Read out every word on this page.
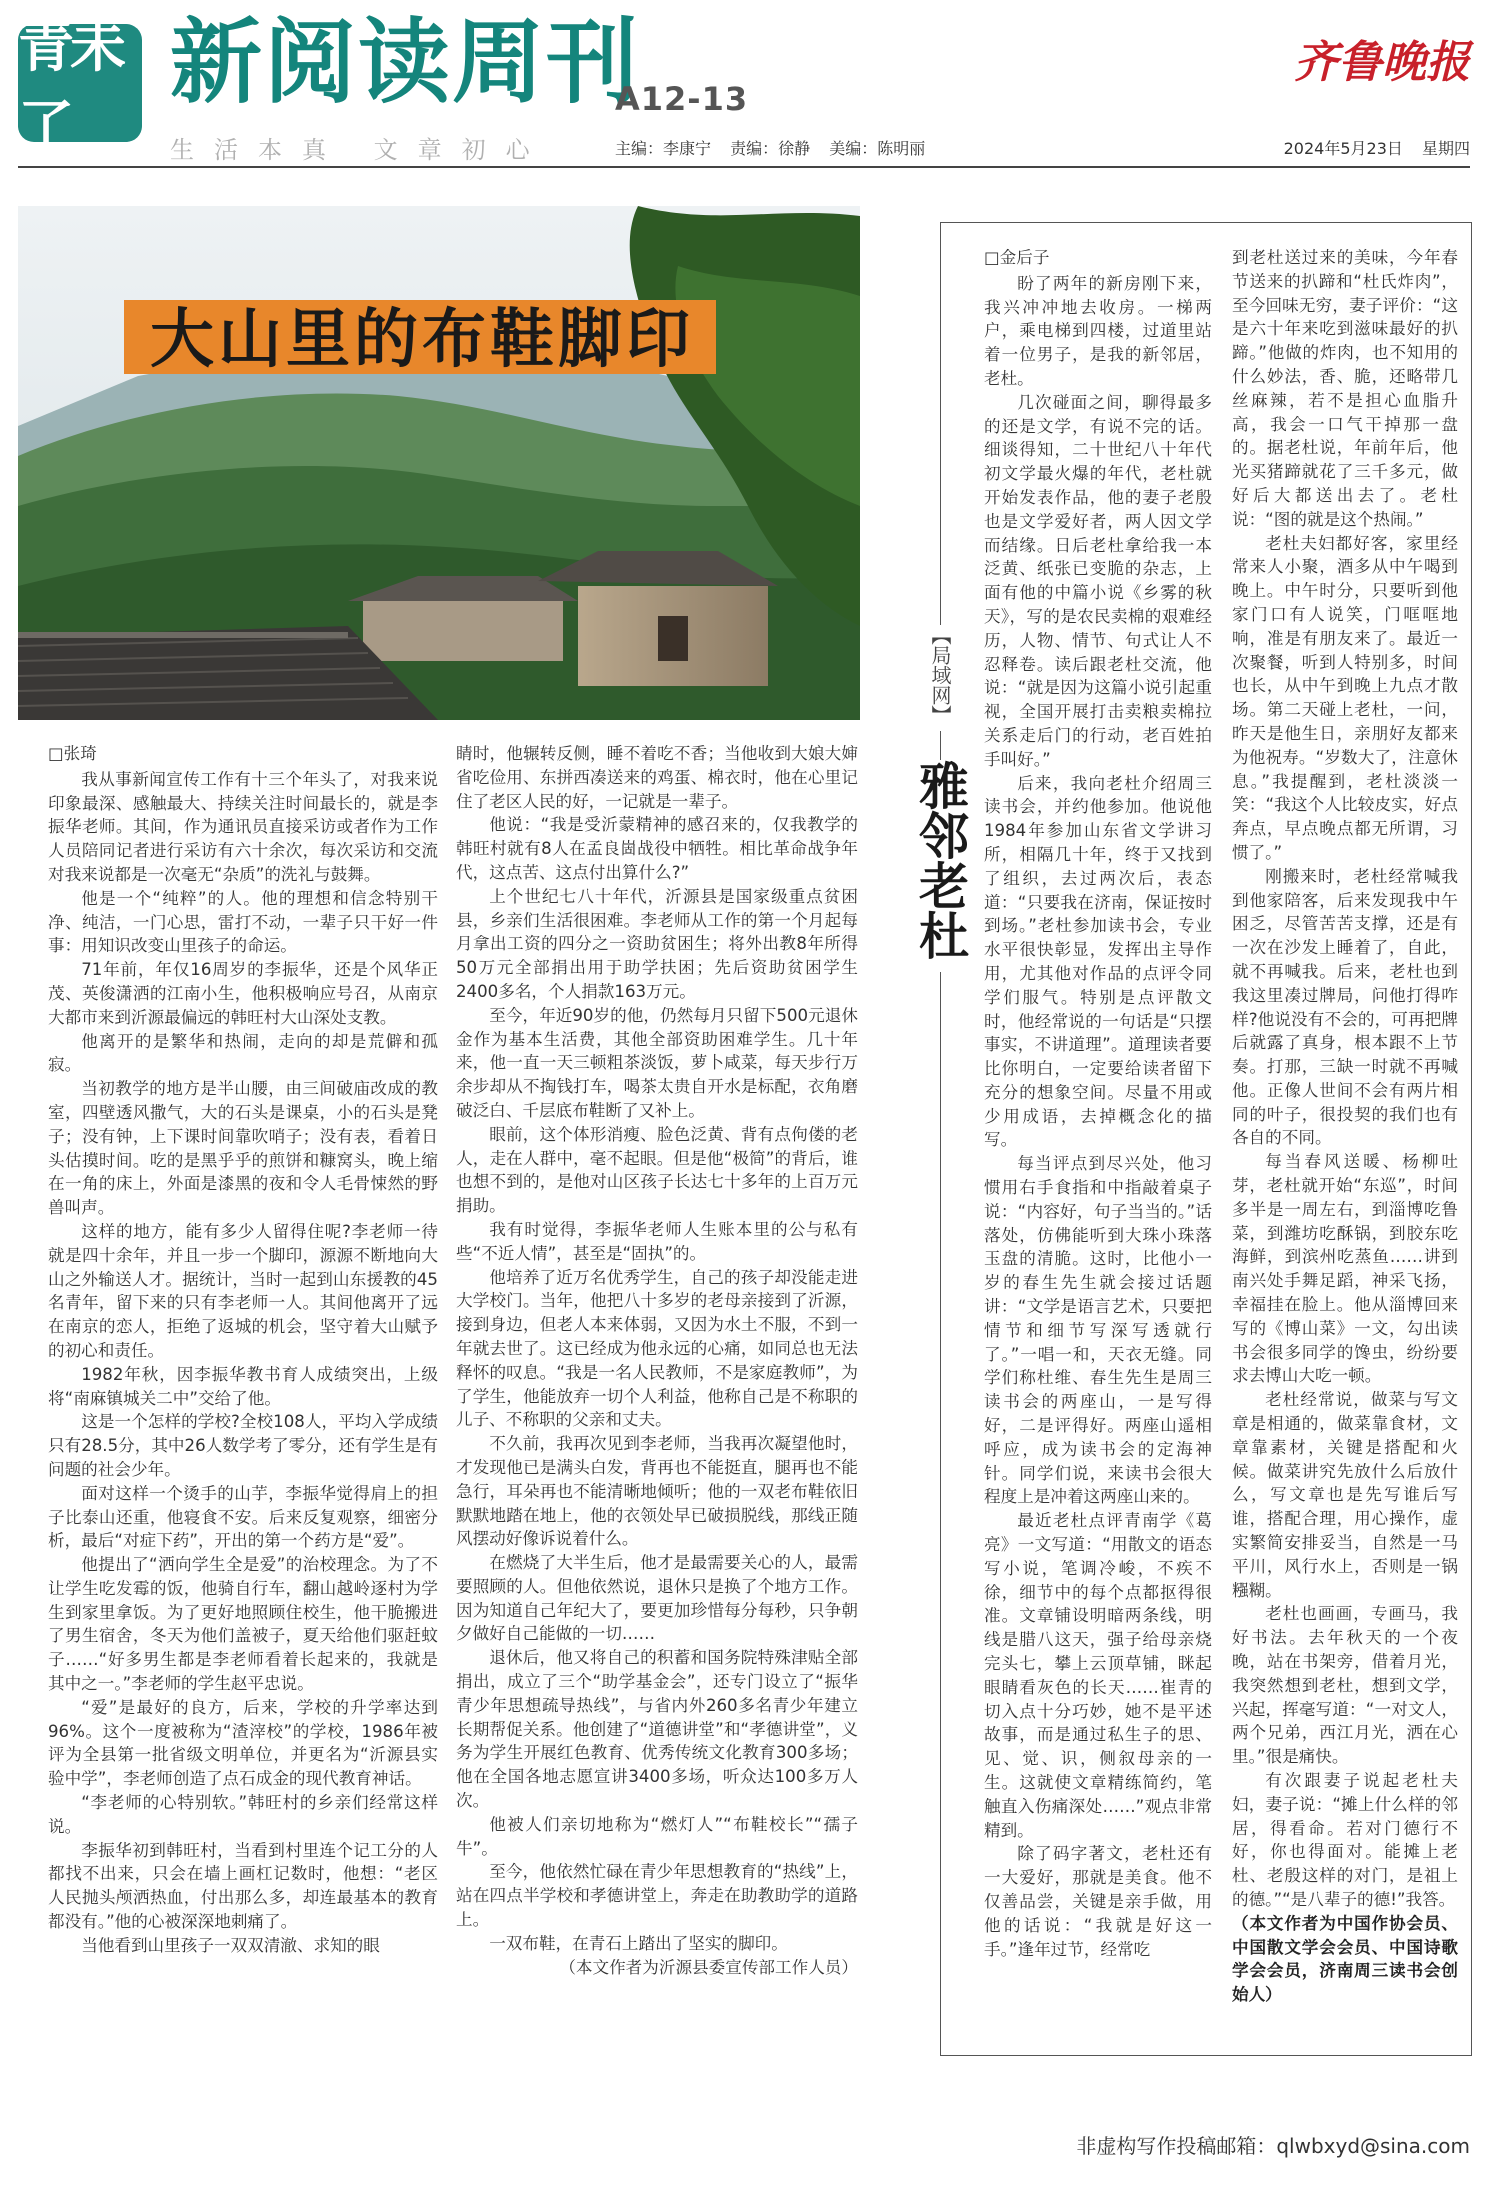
青未了
新阅读周刊
A12-13
齐鲁晚报
生活本真 文章初心	主编：李康宁 责编：徐静 美编：陈明丽	2024年5月23日 星期四
大山里的布鞋脚印

□张琦

我从事新闻宣传工作有十三个年头了，对我来说印象最深、感触最大、持续关注时间最长的，就是李振华老师。其间，作为通讯员直接采访或者作为工作人员陪同记者进行采访有六十余次，每次采访和交流对我来说都是一次毫无“杂质”的洗礼与鼓舞。

他是一个“纯粹”的人。他的理想和信念特别干净、纯洁，一门心思，雷打不动，一辈子只干好一件事：用知识改变山里孩子的命运。

71年前，年仅16周岁的李振华，还是个风华正茂、英俊潇洒的江南小生，他积极响应号召，从南京大都市来到沂源最偏远的韩旺村大山深处支教。

他离开的是繁华和热闹，走向的却是荒僻和孤寂。

当初教学的地方是半山腰，由三间破庙改成的教室，四壁透风撒气，大的石头是课桌，小的石头是凳子；没有钟，上下课时间靠吹哨子；没有表，看着日头估摸时间。吃的是黑乎乎的煎饼和糠窝头，晚上缩在一角的床上，外面是漆黑的夜和令人毛骨悚然的野兽叫声。

这样的地方，能有多少人留得住呢?李老师一待就是四十余年，并且一步一个脚印，源源不断地向大山之外输送人才。据统计，当时一起到山东援教的45名青年，留下来的只有李老师一人。其间他离开了远在南京的恋人，拒绝了返城的机会，坚守着大山赋予的初心和责任。

1982年秋，因李振华教书育人成绩突出，上级将“南麻镇城关二中”交给了他。

这是一个怎样的学校?全校108人，平均入学成绩只有28.5分，其中26人数学考了零分，还有学生是有问题的社会少年。

面对这样一个烫手的山芋，李振华觉得肩上的担子比泰山还重，他寝食不安。后来反复观察，细密分析，最后“对症下药”，开出的第一个药方是“爱”。

他提出了“洒向学生全是爱”的治校理念。为了不让学生吃发霉的饭，他骑自行车，翻山越岭逐村为学生到家里拿饭。为了更好地照顾住校生，他干脆搬进了男生宿舍，冬天为他们盖被子，夏天给他们驱赶蚊子……“好多男生都是李老师看着长起来的，我就是其中之一。”李老师的学生赵平忠说。

“爱”是最好的良方，后来，学校的升学率达到96%。这个一度被称为“渣滓校”的学校，1986年被评为全县第一批省级文明单位，并更名为“沂源县实验中学”，李老师创造了点石成金的现代教育神话。

“李老师的心特别软。”韩旺村的乡亲们经常这样说。

李振华初到韩旺村，当看到村里连个记工分的人都找不出来，只会在墙上画杠记数时，他想：“老区人民抛头颅洒热血，付出那么多，却连最基本的教育都没有。”他的心被深深地刺痛了。

当他看到山里孩子一双双清澈、求知的眼

睛时，他辗转反侧，睡不着吃不香；当他收到大娘大婶省吃俭用、东拼西凑送来的鸡蛋、棉衣时，他在心里记住了老区人民的好，一记就是一辈子。

他说：“我是受沂蒙精神的感召来的，仅我教学的韩旺村就有8人在孟良崮战役中牺牲。相比革命战争年代，这点苦、这点付出算什么?”

上个世纪七八十年代，沂源县是国家级重点贫困县，乡亲们生活很困难。李老师从工作的第一个月起每月拿出工资的四分之一资助贫困生；将外出教8年所得50万元全部捐出用于助学扶困；先后资助贫困学生2400多名，个人捐款163万元。

至今，年近90岁的他，仍然每月只留下500元退休金作为基本生活费，其他全部资助困难学生。几十年来，他一直一天三顿粗茶淡饭，萝卜咸菜，每天步行万余步却从不掏钱打车，喝茶太贵自开水是标配，衣角磨破泛白、千层底布鞋断了又补上。

眼前，这个体形消瘦、脸色泛黄、背有点佝偻的老人，走在人群中，毫不起眼。但是他“极简”的背后，谁也想不到的，是他对山区孩子长达七十多年的上百万元捐助。

我有时觉得，李振华老师人生账本里的公与私有些“不近人情”，甚至是“固执”的。

他培养了近万名优秀学生，自己的孩子却没能走进大学校门。当年，他把八十多岁的老母亲接到了沂源，接到身边，但老人本来体弱，又因为水土不服，不到一年就去世了。这已经成为他永远的心痛，如同总也无法释怀的叹息。“我是一名人民教师，不是家庭教师”，为了学生，他能放弃一切个人利益，他称自己是不称职的儿子、不称职的父亲和丈夫。

不久前，我再次见到李老师，当我再次凝望他时，才发现他已是满头白发，背再也不能挺直，腿再也不能急行，耳朵再也不能清晰地倾听；他的一双老布鞋依旧默默地踏在地上，他的衣领处早已破损脱线，那线正随风摆动好像诉说着什么。

在燃烧了大半生后，他才是最需要关心的人，最需要照顾的人。但他依然说，退休只是换了个地方工作。因为知道自己年纪大了，要更加珍惜每分每秒，只争朝夕做好自己能做的一切……

退休后，他又将自己的积蓄和国务院特殊津贴全部捐出，成立了三个“助学基金会”，还专门设立了“振华青少年思想疏导热线”，与省内外260多名青少年建立长期帮促关系。他创建了“道德讲堂”和“孝德讲堂”，义务为学生开展红色教育、优秀传统文化教育300多场；他在全国各地志愿宣讲3400多场，听众达100多万人次。

他被人们亲切地称为“燃灯人”“布鞋校长”“孺子牛”。

至今，他依然忙碌在青少年思想教育的“热线”上，站在四点半学校和孝德讲堂上，奔走在助教助学的道路上。

一双布鞋，在青石上踏出了坚实的脚印。

（本文作者为沂源县委宣传部工作人员）

【局域网】
雅邻老杜

□金后子

盼了两年的新房刚下来，我兴冲冲地去收房。一梯两户，乘电梯到四楼，过道里站着一位男子，是我的新邻居，老杜。

几次碰面之间，聊得最多的还是文学，有说不完的话。细谈得知，二十世纪八十年代初文学最火爆的年代，老杜就开始发表作品，他的妻子老殷也是文学爱好者，两人因文学而结缘。日后老杜拿给我一本泛黄、纸张已变脆的杂志，上面有他的中篇小说《乡雾的秋天》，写的是农民卖棉的艰难经历，人物、情节、句式让人不忍释卷。读后跟老杜交流，他说：“就是因为这篇小说引起重视，全国开展打击卖粮卖棉拉关系走后门的行动，老百姓拍手叫好。”

后来，我向老杜介绍周三读书会，并约他参加。他说他1984年参加山东省文学讲习所，相隔几十年，终于又找到了组织，去过两次后，表态道：“只要我在济南，保证按时到场。”老杜参加读书会，专业水平很快彰显，发挥出主导作用，尤其他对作品的点评令同学们服气。特别是点评散文时，他经常说的一句话是“只摆事实，不讲道理”。道理读者要比你明白，一定要给读者留下充分的想象空间。尽量不用或少用成语，去掉概念化的描写。

每当评点到尽兴处，他习惯用右手食指和中指敲着桌子说：“内容好，句子当当的。”话落处，仿佛能听到大珠小珠落玉盘的清脆。这时，比他小一岁的春生先生就会接过话题讲：“文学是语言艺术，只要把情节和细节写深写透就行了。”一唱一和，天衣无缝。同学们称杜维、春生先生是周三读书会的两座山，一是写得好，二是评得好。两座山遥相呼应，成为读书会的定海神针。同学们说，来读书会很大程度上是冲着这两座山来的。

最近老杜点评青南学《葛亮》一文写道：“用散文的语态写小说，笔调冷峻，不疾不徐，细节中的每个点都抠得很准。文章铺设明暗两条线，明线是腊八这天，强子给母亲烧完头七，攀上云顶草铺，眯起眼睛看灰色的长天……崔青的切入点十分巧妙，她不是平述故事，而是通过私生子的思、见、觉、识，侧叙母亲的一生。这就使文章精练简约，笔触直入伤痛深处……”观点非常精到。

除了码字著文，老杜还有一大爱好，那就是美食。他不仅善品尝，关键是亲手做，用他的话说：“我就是好这一手。”逢年过节，经常吃

到老杜送过来的美味，今年春节送来的扒蹄和“杜氏炸肉”，至今回味无穷，妻子评价：“这是六十年来吃到滋味最好的扒蹄。”他做的炸肉，也不知用的什么妙法，香、脆，还略带几丝麻辣，若不是担心血脂升高，我会一口气干掉那一盘的。据老杜说，年前年后，他光买猪蹄就花了三千多元，做好后大都送出去了。老杜说：“图的就是这个热闹。”

老杜夫妇都好客，家里经常来人小聚，酒多从中午喝到晚上。中午时分，只要听到他家门口有人说笑，门哐哐地响，准是有朋友来了。最近一次聚餐，听到人特别多，时间也长，从中午到晚上九点才散场。第二天碰上老杜，一问，昨天是他生日，亲朋好友都来为他祝寿。“岁数大了，注意休息。”我提醒到，老杜淡淡一笑：“我这个人比较皮实，好点奔点，早点晚点都无所谓，习惯了。”

刚搬来时，老杜经常喊我到他家陪客，后来发现我中午困乏，尽管苦苦支撑，还是有一次在沙发上睡着了，自此，就不再喊我。后来，老杜也到我这里凑过牌局，问他打得咋样?他说没有不会的，可再把牌后就露了真身，根本跟不上节奏。打那，三缺一时就不再喊他。正像人世间不会有两片相同的叶子，很投契的我们也有各自的不同。

每当春风送暖、杨柳吐芽，老杜就开始“东巡”，时间多半是一周左右，到淄博吃鲁菜，到潍坊吃酥锅，到胶东吃海鲜，到滨州吃蒸鱼……讲到南兴处手舞足蹈，神采飞扬，幸福挂在脸上。他从淄博回来写的《博山菜》一文，勾出读书会很多同学的馋虫，纷纷要求去博山大吃一顿。

老杜经常说，做菜与写文章是相通的，做菜靠食材，文章靠素材，关键是搭配和火候。做菜讲究先放什么后放什么，写文章也是先写谁后写谁，搭配合理，用心操作，虚实繁简安排妥当，自然是一马平川，风行水上，否则是一锅糨糊。

老杜也画画，专画马，我好书法。去年秋天的一个夜晚，站在书架旁，借着月光，我突然想到老杜，想到文学，兴起，挥毫写道：“一对文人，两个兄弟，西江月光，洒在心里。”很是痛快。

有次跟妻子说起老杜夫妇，妻子说：“摊上什么样的邻居，得看命。若对门德行不好，你也得面对。能摊上老杜、老殷这样的对门，是祖上的德。”“是八辈子的德!”我答。

（本文作者为中国作协会员、中国散文学会会员、中国诗歌学会会员，济南周三读书会创始人）

非虚构写作投稿邮箱：qlwbxyd@sina.com
